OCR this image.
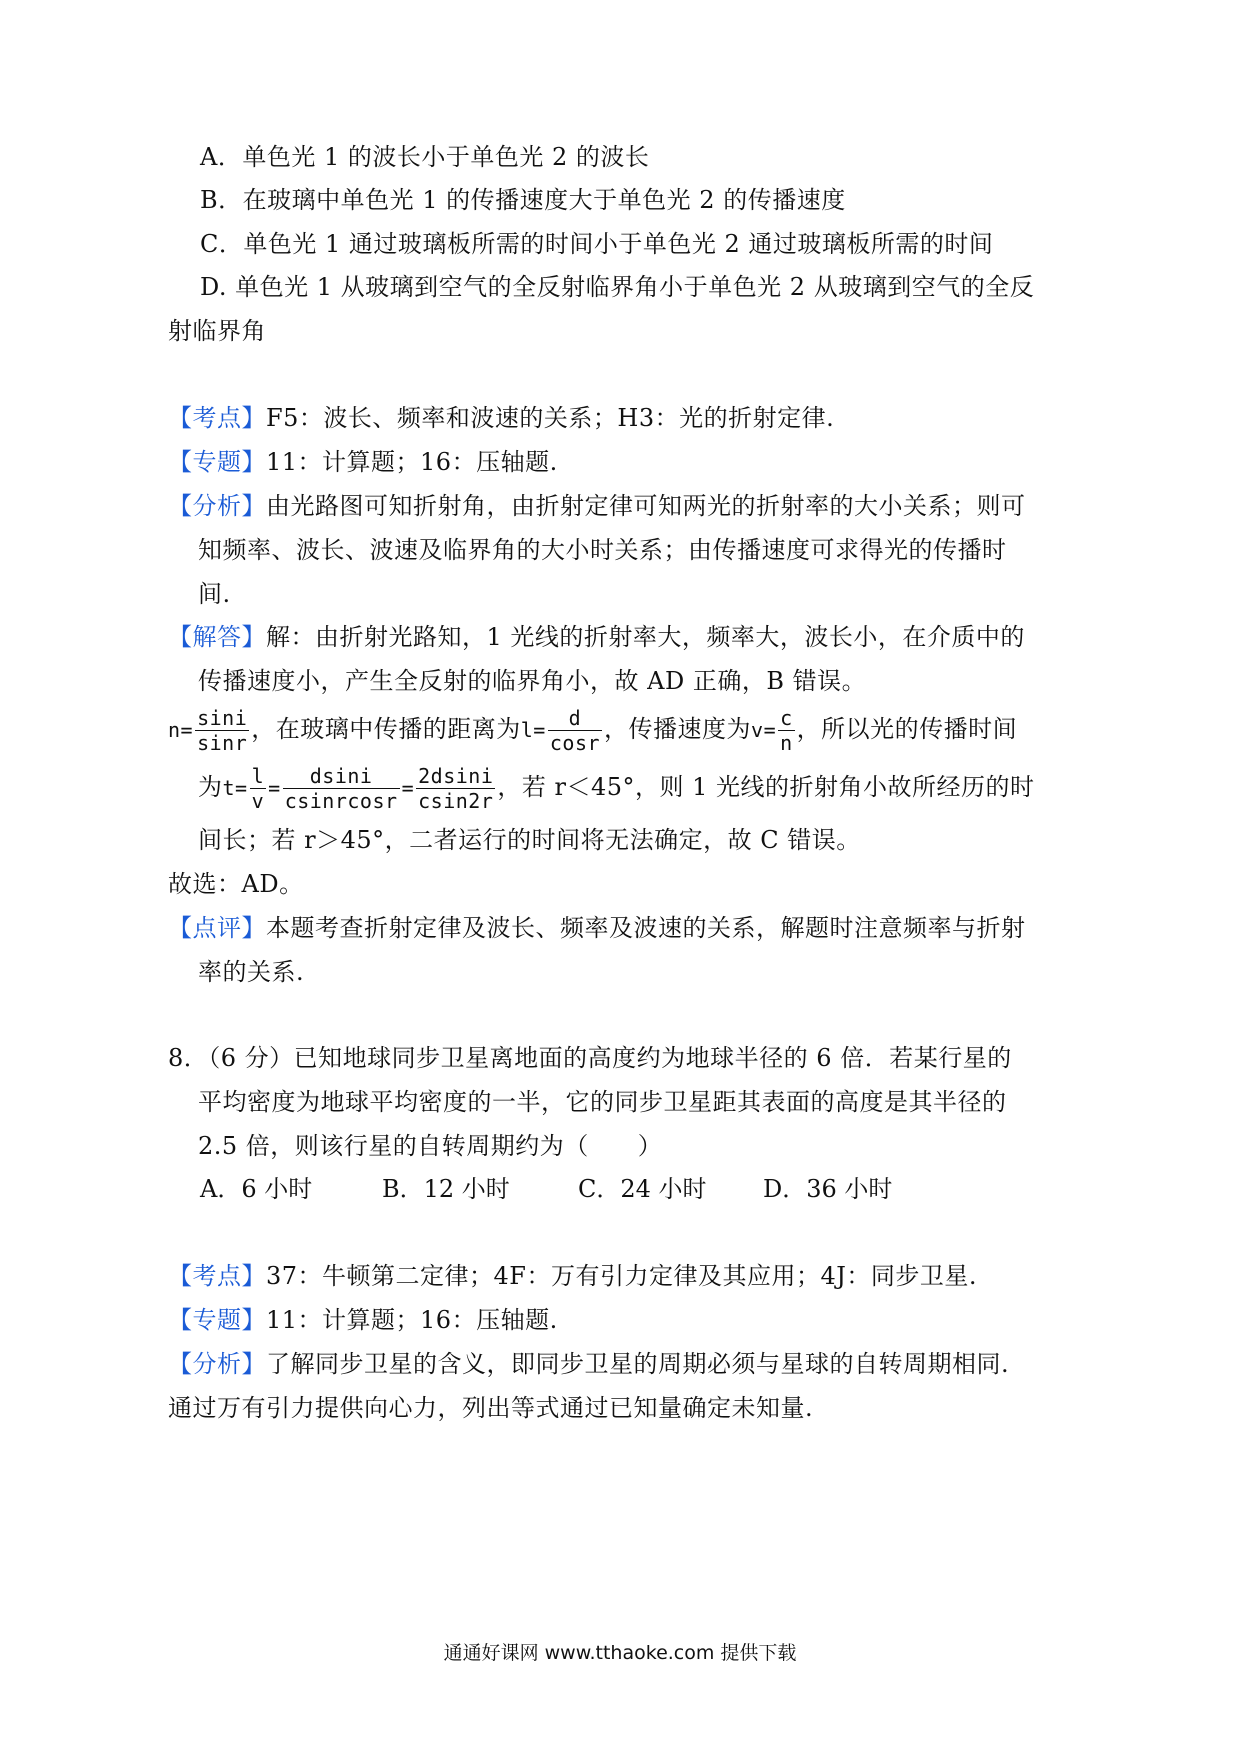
A．单色光 1 的波长小于单色光 2 的波长
B．在玻璃中单色光 1 的传播速度大于单色光 2 的传播速度
C．单色光 1 通过玻璃板所需的时间小于单色光 2 通过玻璃板所需的时间
D. 单色光 1 从玻璃到空气的全反射临界角小于单色光 2 从玻璃到空气的全反
射临界角
【考点】F5：波长、频率和波速的关系；H3：光的折射定律.
【专题】11：计算题；16：压轴题.
【分析】由光路图可知折射角，由折射定律可知两光的折射率的大小关系；则可
知频率、波长、波速及临界角的大小时关系；由传播速度可求得光的传播时
间.
【解答】解：由折射光路知，1 光线的折射率大，频率大，波长小，在介质中的
传播速度小，产生全反射的临界角小，故 AD 正确，B 错误。
$n= \frac{\sin i}{\sin r}$ ，在玻璃中传播的距离为$l= \frac{d}{\cos r}$ ，传播速度为$v= \frac{c}{n}$ ，所以光的传播时间
为$t= \frac{l}{v} = \frac{dsini}{\text{csinrcosr}} = \frac{2dsini}{csin2r}$ ，若 r＜45°，则 1 光线的折射角小故所经历的时
间长；若 r＞45°，二者运行的时间将无法确定，故 C 错误。
故选：AD。
【点评】本题考查折射定律及波长、频率及波速的关系，解题时注意频率与折射
率的关系.
8．（6 分）已知地球同步卫星离地面的高度约为地球半径的 6 倍．若某行星的
平均密度为地球平均密度的一半，它的同步卫星距其表面的高度是其半径的
2.5 倍，则该行星的自转周期约为（　　）
A．6 小时	B．12 小时	C．24 小时 D．36 小时
【考点】37：牛顿第二定律；4F：万有引力定律及其应用；4J：同步卫星.
【专题】11：计算题；16：压轴题.
【分析】了解同步卫星的含义，即同步卫星的周期必须与星球的自转周期相同.
通过万有引力提供向心力，列出等式通过已知量确定未知量.
通通好课网 www.tthaoke.com 提供下载
